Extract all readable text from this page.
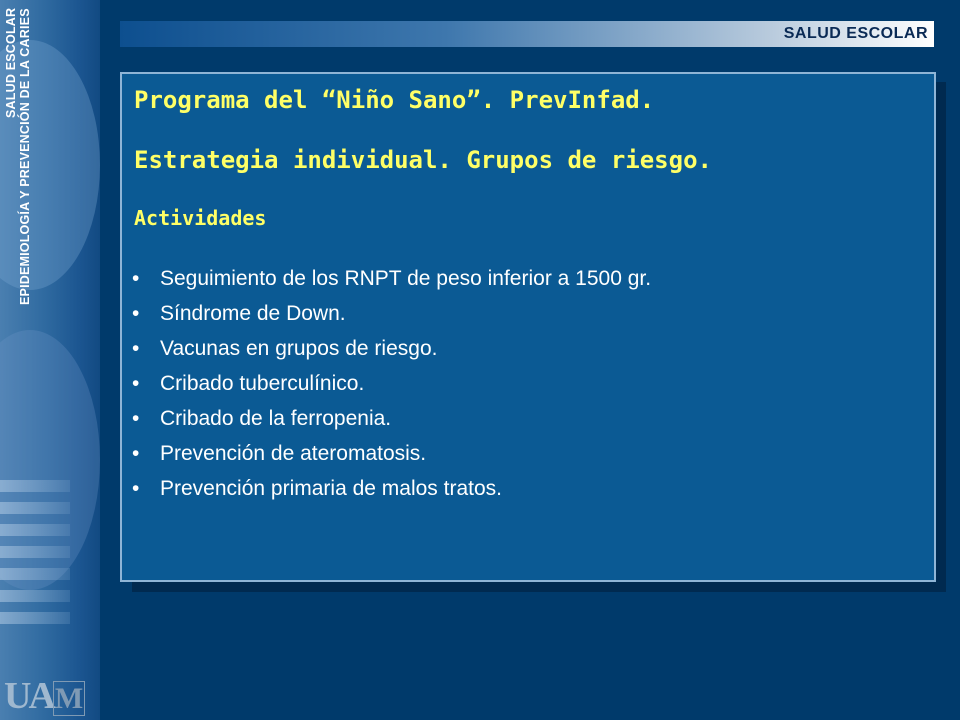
SALUD ESCOLAR EPIDEMIOLOGÍA Y PREVENCIÓN DE LA CARIES
UAM
SALUD ESCOLAR
Programa del “Niño Sano”. PrevInfad.
Estrategia individual. Grupos de riesgo.
Actividades
• Seguimiento de los RNPT de peso inferior a 1500 gr.
• Síndrome de Down.
• Vacunas en grupos de riesgo.
• Cribado tuberculínico.
• Cribado de la ferropenia.
• Prevención de ateromatosis.
• Prevención primaria de malos tratos.
